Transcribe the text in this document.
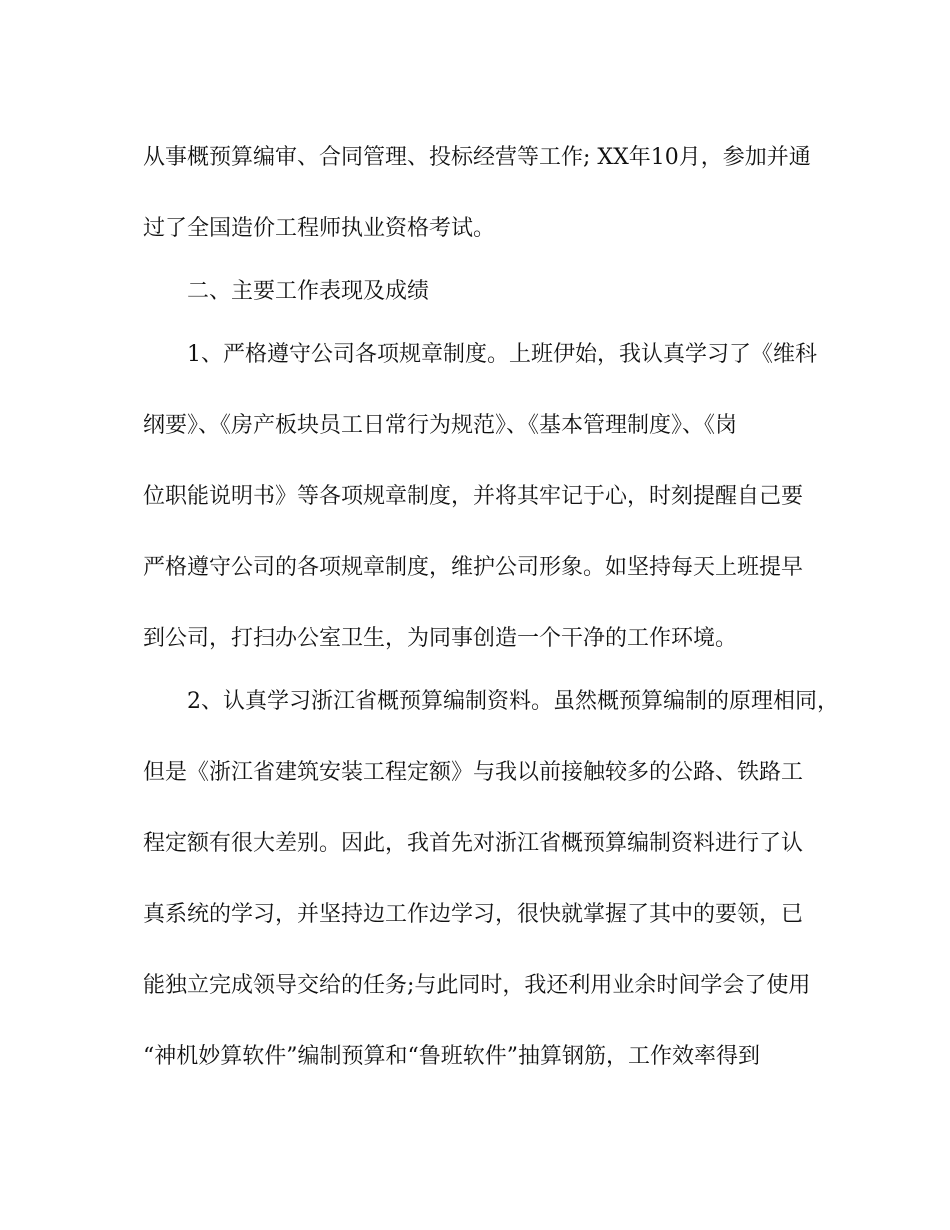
从事概预算编审、合同管理、投标经营等工作; XX年10月，参加并通
过了全国造价工程师执业资格考试。
二、主要工作表现及成绩
1、严格遵守公司各项规章制度。上班伊始，我认真学习了《维科
纲要》、《房产板块员工日常行为规范》、《基本管理制度》、《岗
位职能说明书》等各项规章制度，并将其牢记于心，时刻提醒自己要
严格遵守公司的各项规章制度，维护公司形象。如坚持每天上班提早
到公司，打扫办公室卫生，为同事创造一个干净的工作环境。
2、认真学习浙江省概预算编制资料。虽然概预算编制的原理相同，
但是《浙江省建筑安装工程定额》与我以前接触较多的公路、铁路工
程定额有很大差别。因此，我首先对浙江省概预算编制资料进行了认
真系统的学习，并坚持边工作边学习，很快就掌握了其中的要领，已
能独立完成领导交给的任务;与此同时，我还利用业余时间学会了使用
“神机妙算软件”编制预算和“鲁班软件”抽算钢筋，工作效率得到
